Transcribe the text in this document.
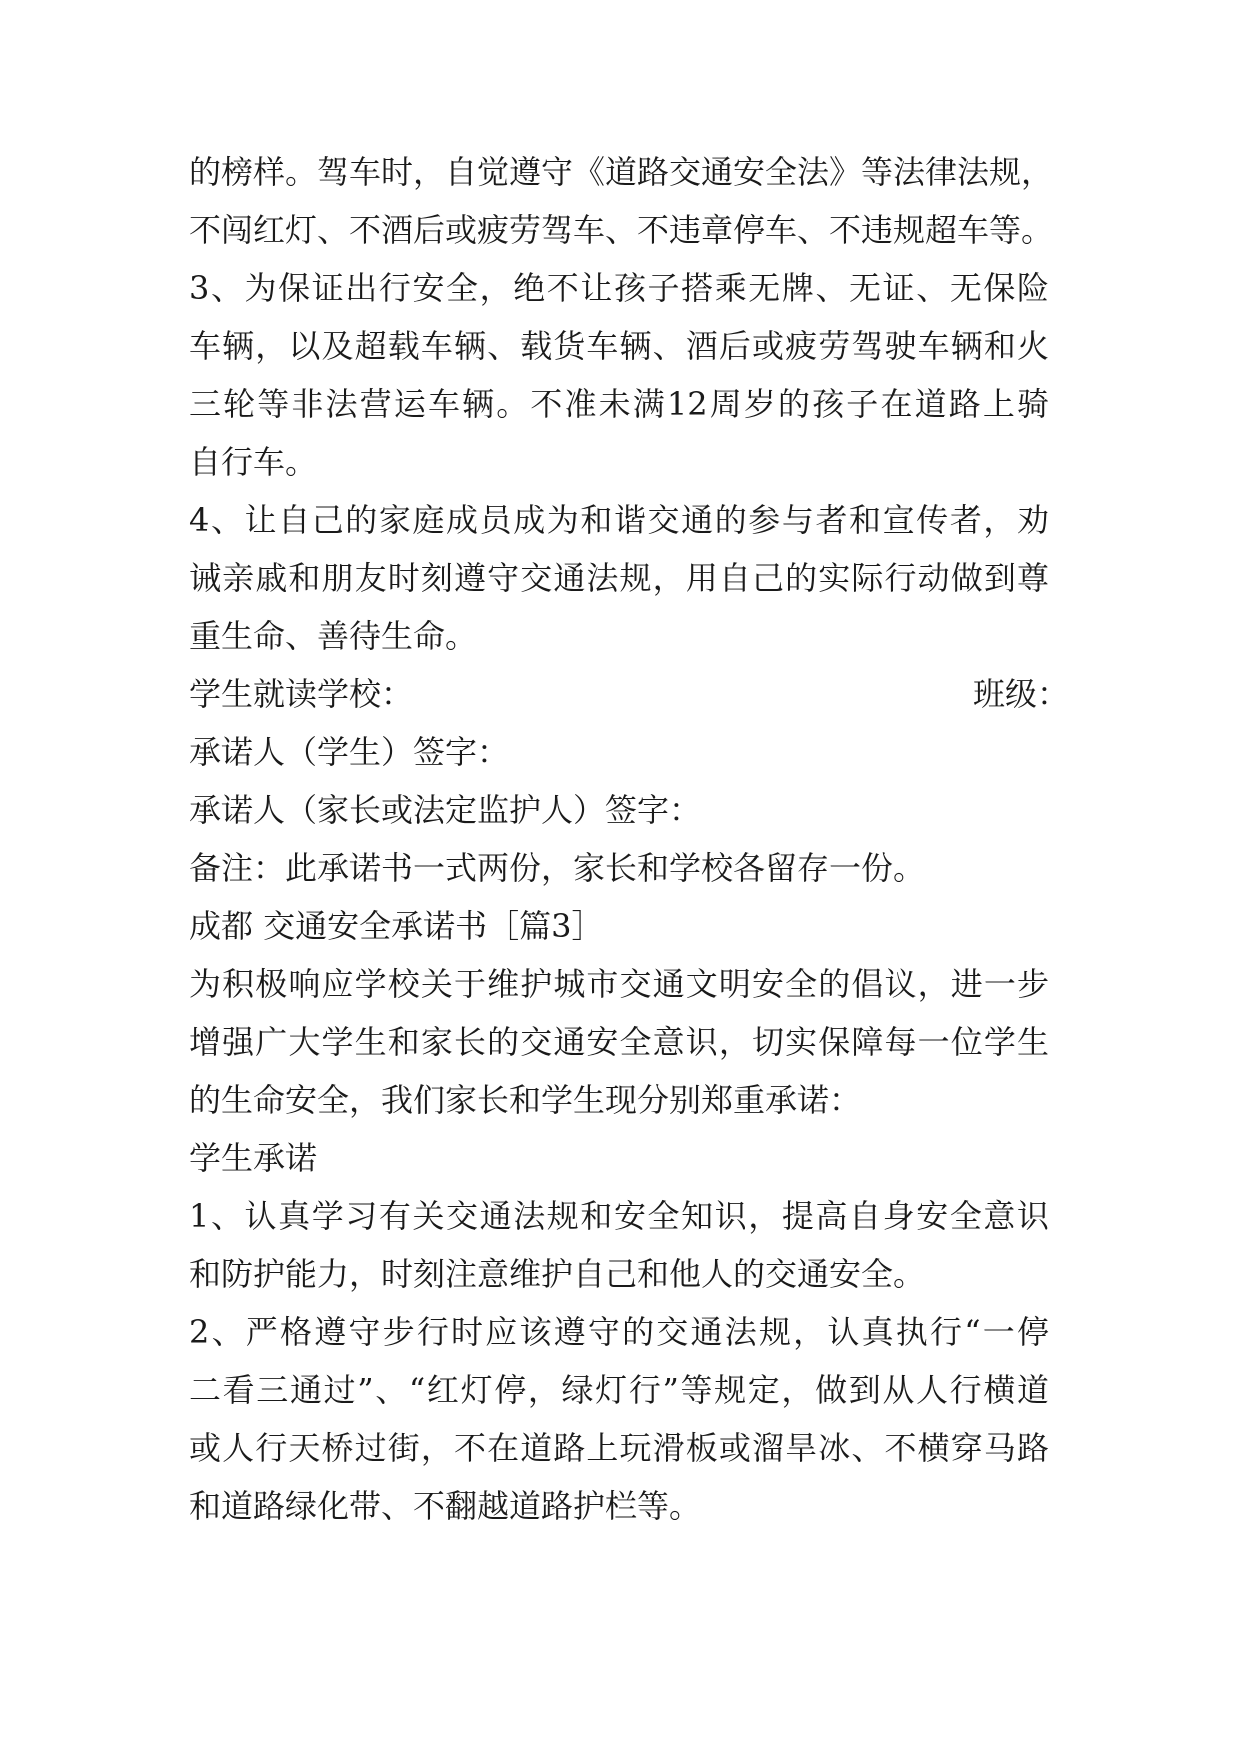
的榜样。驾车时，自觉遵守《道路交通安全法》等法律法规，
不闯红灯、不酒后或疲劳驾车、不违章停车、不违规超车等。
3、为保证出行安全，绝不让孩子搭乘无牌、无证、无保险
车辆，以及超载车辆、载货车辆、酒后或疲劳驾驶车辆和火
三轮等非法营运车辆。不准未满12周岁的孩子在道路上骑
自行车。
4、让自己的家庭成员成为和谐交通的参与者和宣传者，劝
诫亲戚和朋友时刻遵守交通法规，用自己的实际行动做到尊
重生命、善待生命。
学生就读学校：	班级：
承诺人（学生）签字：
承诺人（家长或法定监护人）签字：
备注：此承诺书一式两份，家长和学校各留存一份。
成都 交通安全承诺书［篇3］
为积极响应学校关于维护城市交通文明安全的倡议，进一步
增强广大学生和家长的交通安全意识，切实保障每一位学生
的生命安全，我们家长和学生现分别郑重承诺：
学生承诺
1、认真学习有关交通法规和安全知识，提高自身安全意识
和防护能力，时刻注意维护自己和他人的交通安全。
2、严格遵守步行时应该遵守的交通法规，认真执行“一停
二看三通过”、“红灯停，绿灯行”等规定，做到从人行横道
或人行天桥过街，不在道路上玩滑板或溜旱冰、不横穿马路
和道路绿化带、不翻越道路护栏等。
